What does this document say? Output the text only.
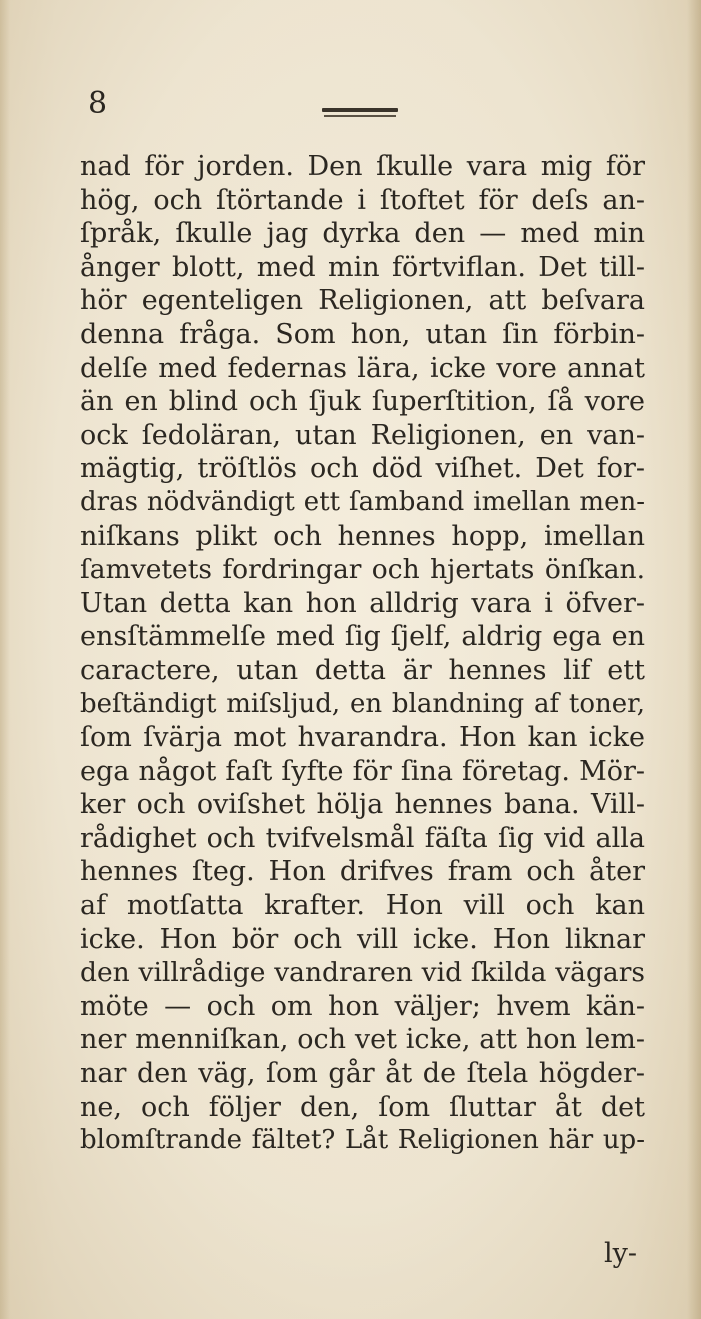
8
nad för jorden. Den ſkulle vara mig för
hög, och ſtörtande i ſtoftet för deſs an-
ſpråk, ſkulle jag dyrka den — med min
ånger blott, med min förtviflan. Det till-
hör egenteligen Religionen, att beſvara
denna fråga. Som hon, utan ſin förbin-
delſe med federnas lära, icke vore annat
än en blind och ſjuk ſuperſtition, ſå vore
ock ſedoläran, utan Religionen, en van-
mägtig, tröſtlös och död viſhet. Det for-
dras nödvändigt ett ſamband imellan men-
niſkans plikt och hennes hopp, imellan
ſamvetets fordringar och hjertats önſkan.
Utan detta kan hon alldrig vara i öfver-
ensſtämmelſe med ſig ſjelf, aldrig ega en
caractere, utan detta är hennes lif ett
beſtändigt miſsljud, en blandning af toner,
ſom ſvärja mot hvarandra. Hon kan icke
ega något faſt ſyfte för ſina företag. Mör-
ker och oviſshet hölja hennes bana. Vill-
rådighet och tvifvelsmål fäſta ſig vid alla
hennes ſteg. Hon drifves fram och åter
af motſatta krafter. Hon vill och kan
icke. Hon bör och vill icke. Hon liknar
den villrådige vandraren vid ſkilda vägars
möte — och om hon väljer; hvem kän-
ner menniſkan, och vet icke, att hon lem-
nar den väg, ſom går åt de ſtela högder-
ne, och följer den, ſom ſluttar åt det
blomſtrande fältet? Låt Religionen här up-
ly-
